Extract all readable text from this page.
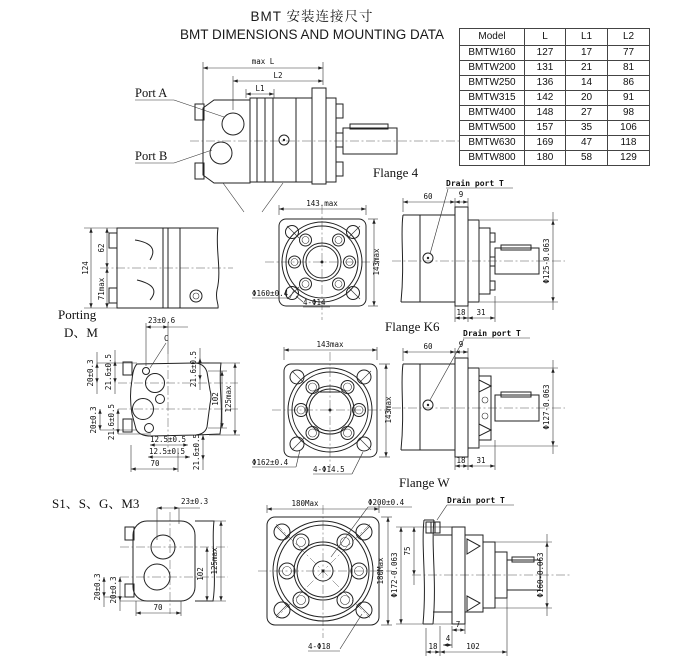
BMT 安装连接尺寸
BMT DIMENSIONS AND MOUNTING DATA	Model	L	L1	L2
BMTW160	127	17	77
BMTW200	131	21	81
BMTW250	136	14	86
BMTW315	142	20	91
BMTW400	148	27	98
BMTW500	157	35	106
BMTW630	169	47	118
BMTW800	180	58	129
max L
L2
L1
Port A
Port B
Flange 4
62
71max
124
Porting
D、M
23±0.6
C
20±0.3 21.6±0.5
20±0.3 21.6±0.5
21.6±0.5
102 125max
12.5±0.5
12.5±0.5
70	21.6±0.5
143.max
143max
Φ160±0.4
4-Φ14
Drain port T
60	9
Φ125-0.063
18 31
Flange K6
143max
143max
Φ162±0.4
4-Φ14.5
Flange W
Drain port T
60	9
Φ127-0.063
18 31
S1、S、G、M3	23±0.3
102 125max
20±0.3 20±0.3
70
180Max	Φ200±0.4
180Max
4-Φ18
Drain port T
Φ172-0.063
75
Φ160-0.063
7
4
18	102
